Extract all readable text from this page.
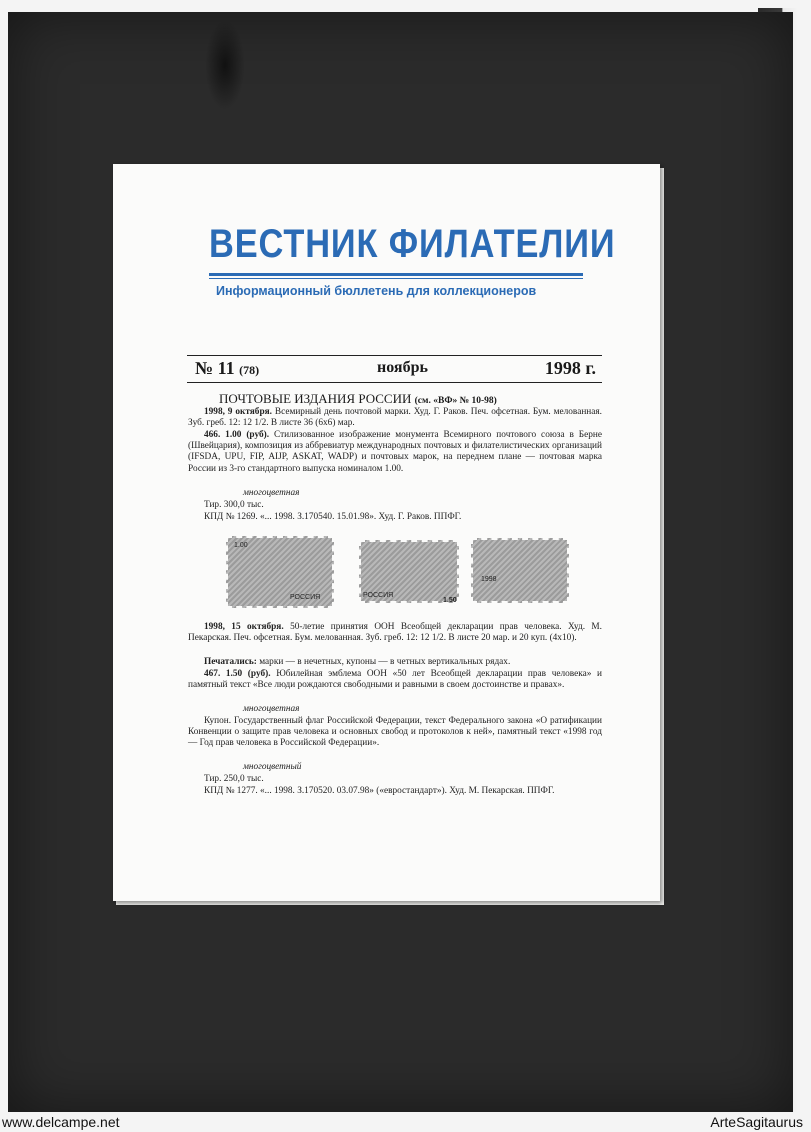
ВЕСТНИК ФИЛАТЕЛИИ
Информационный бюллетень для коллекционеров
№ 11 (78)	ноябрь	1998 г.
ПОЧТОВЫЕ ИЗДАНИЯ РОССИИ (см. «ВФ» № 10-98)

1998, 9 октября. Всемирный день почтовой марки. Худ. Г. Раков. Печ. офсетная. Бум. мелованная. Зуб. греб. 12: 12 1/2. В листе 36 (6х6) мар.

466. 1.00 (руб). Стилизованное изображение монумента Всемирного почтового союза в Берне (Швейцария), композиция из аббревиатур международных почтовых и филателистических организаций (IFSDA, UPU, FIP, AIJP, ASKAT, WADP) и почтовых марок, на переднем плане — почтовая марка России из 3-го стандартного выпуска номиналом 1.00.

многоцветная

Тир. 300,0 тыс.

КПД № 1269. «... 1998. З.170540. 15.01.98». Худ. Г. Раков. ППФГ.

РОССИЯ
1.00
РОССИЯ
1.50
1998

1998, 15 октября. 50-летие принятия ООН Всеобщей декларации прав человека. Худ. М. Пекарская. Печ. офсетная. Бум. мелованная. Зуб. греб. 12: 12 1/2. В листе 20 мар. и 20 куп. (4х10).

Печатались: марки — в нечетных, купоны — в четных вертикальных рядах.

467. 1.50 (руб). Юбилейная эмблема ООН «50 лет Всеобщей декларации прав человека» и памятный текст «Все люди рождаются свободными и равными в своем достоинстве и правах».

многоцветная

Купон. Государственный флаг Российской Федерации, текст Федерального закона «О ратификации Конвенции о защите прав человека и основных свобод и протоколов к ней», памятный текст «1998 год — Год прав человека в Российской Федерации».

многоцветный

Тир. 250,0 тыс.

КПД № 1277. «... 1998. З.170520. 03.07.98» («евростандарт»). Худ. М. Пекарская. ППФГ.

www.delcampe.net	ArteSagitaurus
